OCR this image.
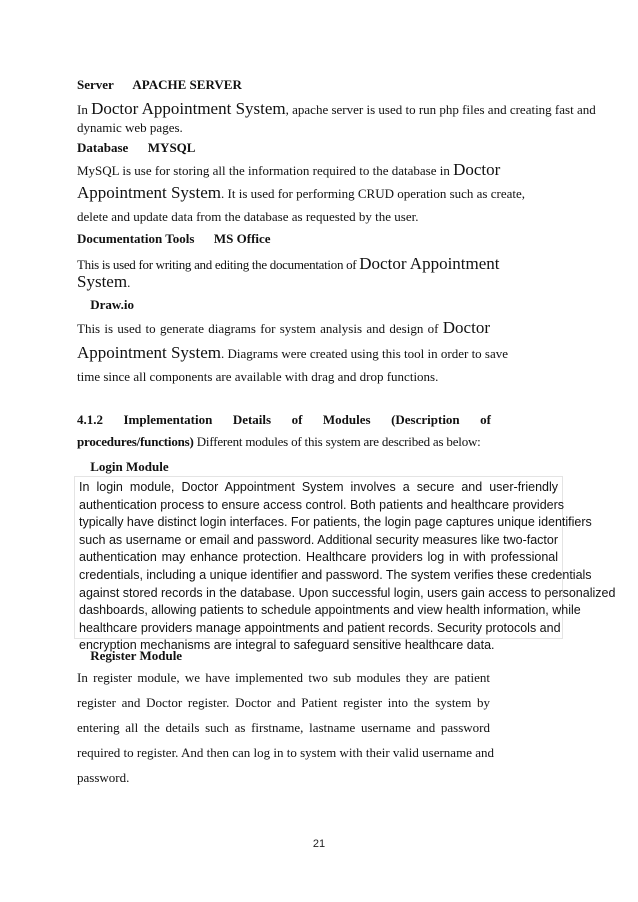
Server APACHE SERVER

In Doctor Appointment System, apache server is used to run php files and creating fast and

dynamic web pages.

Database MYSQL

MySQL is use for storing all the information required to the database in Doctor

Appointment System. It is used for performing CRUD operation such as create,

delete and update data from the database as requested by the user.

Documentation Tools MS Office

This is used for writing and editing the documentation of Doctor Appointment

System.

Draw.io

This is used to generate diagrams for system analysis and design of Doctor

Appointment System. Diagrams were created using this tool in order to save

time since all components are available with drag and drop functions.

4.1.2 Implementation Details of Modules (Description of

procedures/functions) Different modules of this system are described as below:

Login Module

In login module, Doctor Appointment System involves a secure and user-friendly
authentication process to ensure access control. Both patients and healthcare providers
typically have distinct login interfaces. For patients, the login page captures unique identifiers
such as username or email and password. Additional security measures like two-factor
authentication may enhance protection. Healthcare providers log in with professional
credentials, including a unique identifier and password. The system verifies these credentials
against stored records in the database. Upon successful login, users gain access to personalized
dashboards, allowing patients to schedule appointments and view health information, while
healthcare providers manage appointments and patient records. Security protocols and
encryption mechanisms are integral to safeguard sensitive healthcare data.

Register Module

In register module, we have implemented two sub modules they are patient

register and Doctor register. Doctor and Patient register into the system by

entering all the details such as firstname, lastname username and password

required to register. And then can log in to system with their valid username and

password.

21
